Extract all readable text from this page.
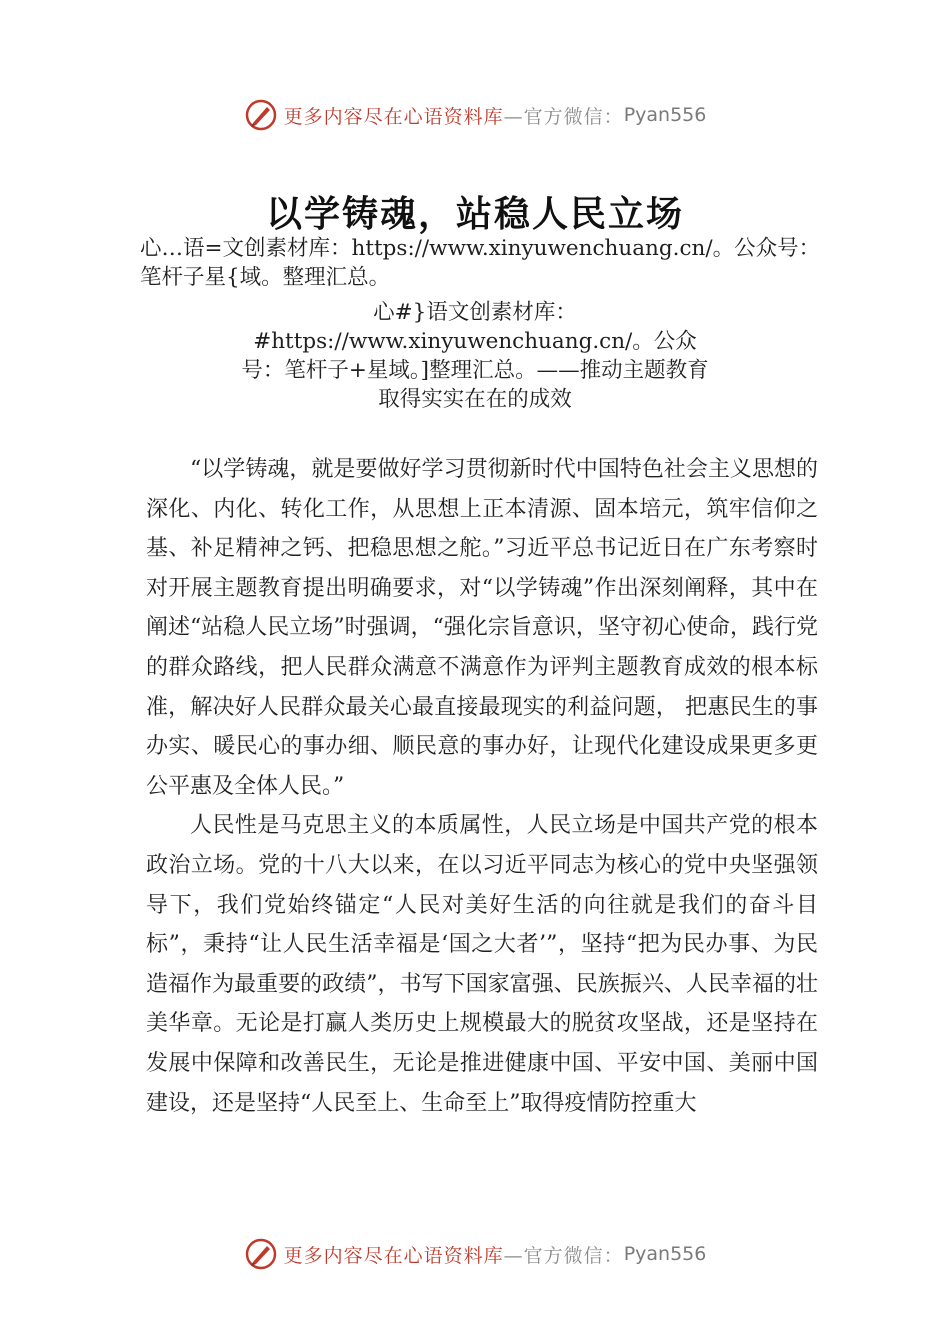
更多内容尽在心语资料库 —官方微信： Pyan556
以学铸魂，站稳人民立场
心…语=文创素材库：https://www.xinyuwenchuang.cn/。公众号：笔杆子星{域。整理汇总。
心#}语文创素材库：#https://www.xinyuwenchuang.cn/。公众号：笔杆子+星域。]整理汇总。——推动主题教育取得实实在在的成效

“以学铸魂，就是要做好学习贯彻新时代中国特色社会主义思想的深化、内化、转化工作，从思想上正本清源、固本培元，筑牢信仰之基、补足精神之钙、把稳思想之舵。”习近平总书记近日在广东考察时对开展主题教育提出明确要求，对“以学铸魂”作出深刻阐释，其中在阐述“站稳人民立场”时强调，“强化宗旨意识，坚守初心使命，践行党的群众路线，把人民群众满意不满意作为评判主题教育成效的根本标准，解决好人民群众最关心最直接最现实的利益问题， 把惠民生的事办实、暖民心的事办细、顺民意的事办好，让现代化建设成果更多更公平惠及全体人民。”

人民性是马克思主义的本质属性，人民立场是中国共产党的根本政治立场。党的十八大以来，在以习近平同志为核心的党中央坚强领导下，我们党始终锚定“人民对美好生活的向往就是我们的奋斗目标”，秉持“让人民生活幸福是‘国之大者’”，坚持“把为民办事、为民造福作为最重要的政绩”，书写下国家富强、民族振兴、人民幸福的壮美华章。无论是打赢人类历史上规模最大的脱贫攻坚战，还是坚持在发展中保障和改善民生，无论是推进健康中国、平安中国、美丽中国建设，还是坚持“人民至上、生命至上”取得疫情防控重大

更多内容尽在心语资料库 —官方微信： Pyan556
